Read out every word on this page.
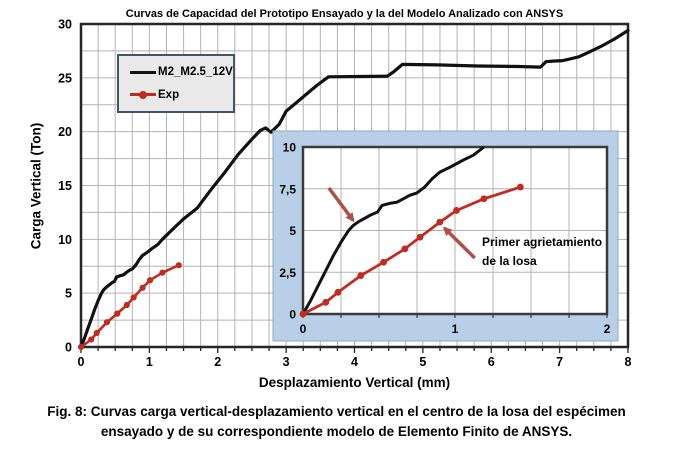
0	1	2	3	4	5	6	7	8
0
5
10
15
20
25
30
0	1	2
0
2,5
5
7,5
10
Curvas de Capacidad del Prototipo Ensayado y la del Modelo Analizado con ANSYS
Carga Vertical (Ton)
Desplazamiento Vertical (mm)
M2_M2.5_12V
Exp
Primer agrietamiento
de la losa
Fig. 8: Curvas carga vertical-desplazamiento vertical en el centro de la losa del espécimen
ensayado y de su correspondiente modelo de Elemento Finito de ANSYS.
